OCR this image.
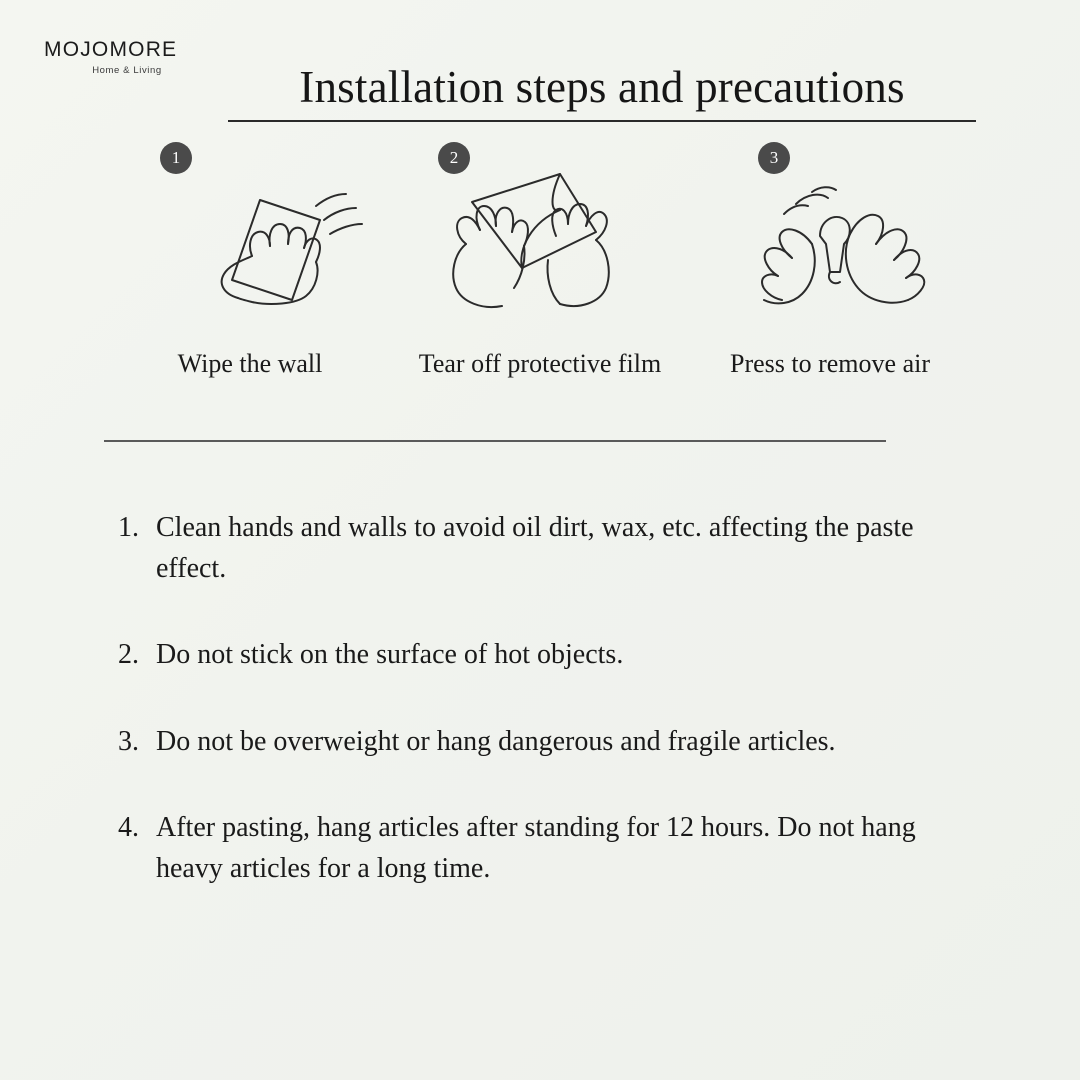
MOJOMORE
Home & Living	Installation steps and precautions
1
Wipe the wall
2
Tear off protective film
3
Press to remove air
1. Clean hands and walls to avoid oil dirt, wax, etc. affecting the paste effect.
2. Do not stick on the surface of hot objects.
3. Do not be overweight or hang dangerous and fragile articles.
4. After pasting, hang articles after standing for 12 hours. Do not hang heavy articles for a long time.
